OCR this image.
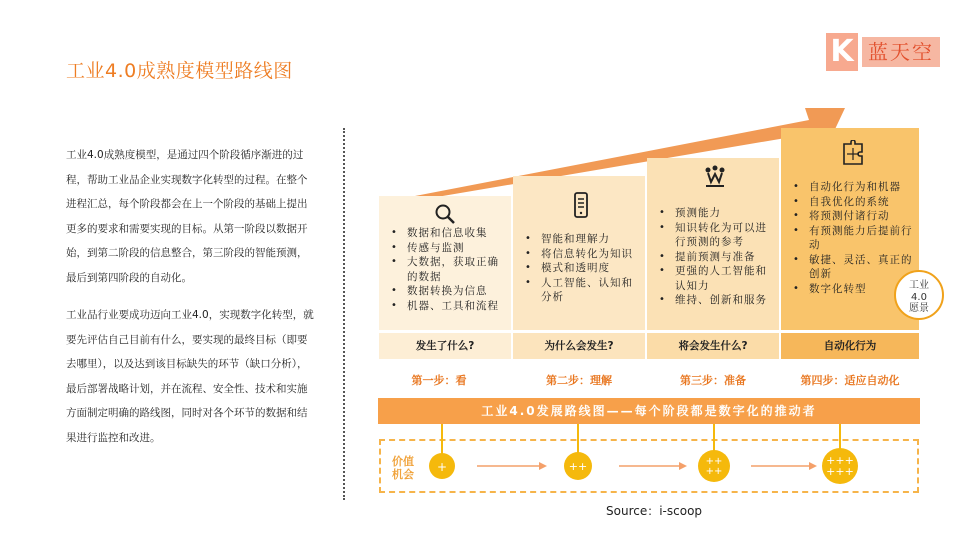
工业4.0成熟度模型路线图
K 蓝天空

工业4.0成熟度模型，是通过四个阶段循序渐进的过程，帮助工业品企业实现数字化转型的过程。在整个进程汇总，每个阶段都会在上一个阶段的基础上提出更多的要求和需要实现的目标。从第一阶段以数据开始，到第二阶段的信息整合，第三阶段的智能预测，最后到第四阶段的自动化。

工业品行业要成功迈向工业4.0，实现数字化转型，就要先评估自己目前有什么，要实现的最终目标（即要去哪里），以及达到该目标缺失的环节（缺口分析），最后部署战略计划，并在流程、安全性、技术和实施方面制定明确的路线图，同时对各个环节的数据和结果进行监控和改进。

工业4.0成熟度
• 数据和信息收集
• 传感与监测
• 大数据，获取正确的数据
• 数据转换为信息
• 机器、工具和流程
• 智能和理解力
• 将信息转化为知识
• 模式和透明度
• 人工智能、认知和分析
• 预测能力
• 知识转化为可以进行预测的参考
• 提前预测与准备
• 更强的人工智能和认知力
• 维持、创新和服务
• 自动化行为和机器
• 自我优化的系统
• 将预测付诸行动
• 有预测能力后提前行动
• 敏捷、灵活、真正的创新
• 数字化转型	工业
4.0
愿景
发生了什么?	为什么会发生?	将会发生什么?	自动化行为
第一步：看	第二步：理解	第三步：准备	第四步：适应自动化
工业4.0发展路线图——每个阶段都是数字化的推动者
价值
机会
+	++	++
++
+++
+++
Source：i-scoop
